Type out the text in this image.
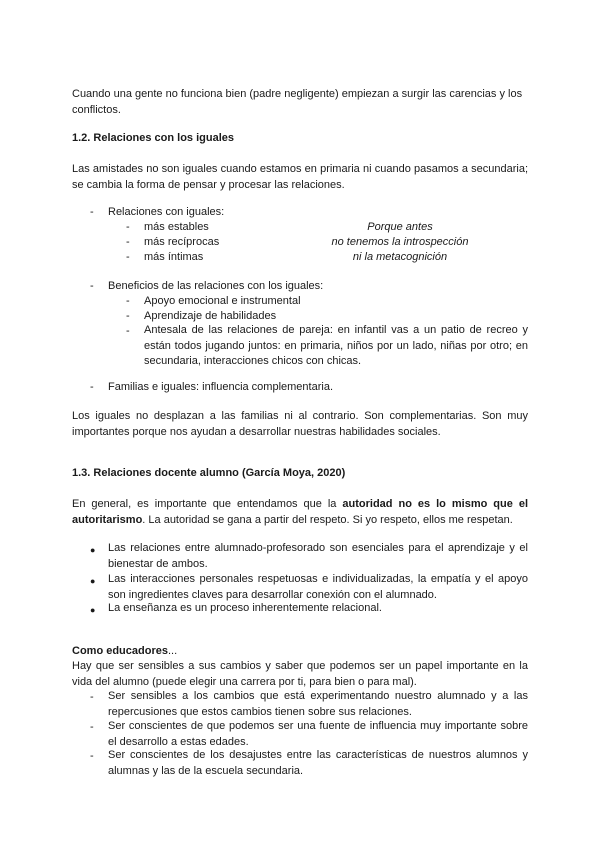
Cuando una gente no funciona bien (padre negligente) empiezan a surgir las carencias y los conflictos.
1.2. Relaciones con los iguales
Las amistades no son iguales cuando estamos en primaria ni cuando pasamos a secundaria; se cambia la forma de pensar y procesar las relaciones.
- Relaciones con iguales:
- más estables	Porque antes
- más recíprocas	no tenemos la introspección
- más íntimas	ni la metacognición
- Beneficios de las relaciones con los iguales:
- Apoyo emocional e instrumental
- Aprendizaje de habilidades
- Antesala de las relaciones de pareja: en infantil vas a un patio de recreo y están todos jugando juntos: en primaria, niños por un lado, niñas por otro; en secundaria, interacciones chicos con chicas.
- Familias e iguales: influencia complementaria.
Los iguales no desplazan a las familias ni al contrario. Son complementarias. Son muy importantes porque nos ayudan a desarrollar nuestras habilidades sociales.
1.3. Relaciones docente alumno (García Moya, 2020)
En general, es importante que entendamos que la autoridad no es lo mismo que el autoritarismo. La autoridad se gana a partir del respeto. Si yo respeto, ellos me respetan.
● Las relaciones entre alumnado-profesorado son esenciales para el aprendizaje y el bienestar de ambos.
● Las interacciones personales respetuosas e individualizadas, la empatía y el apoyo son ingredientes claves para desarrollar conexión con el alumnado.
● La enseñanza es un proceso inherentemente relacional.
Como educadores...
Hay que ser sensibles a sus cambios y saber que podemos ser un papel importante en la vida del alumno (puede elegir una carrera por ti, para bien o para mal).
- Ser sensibles a los cambios que está experimentando nuestro alumnado y a las repercusiones que estos cambios tienen sobre sus relaciones.
- Ser conscientes de que podemos ser una fuente de influencia muy importante sobre el desarrollo a estas edades.
- Ser conscientes de los desajustes entre las características de nuestros alumnos y alumnas y las de la escuela secundaria.
